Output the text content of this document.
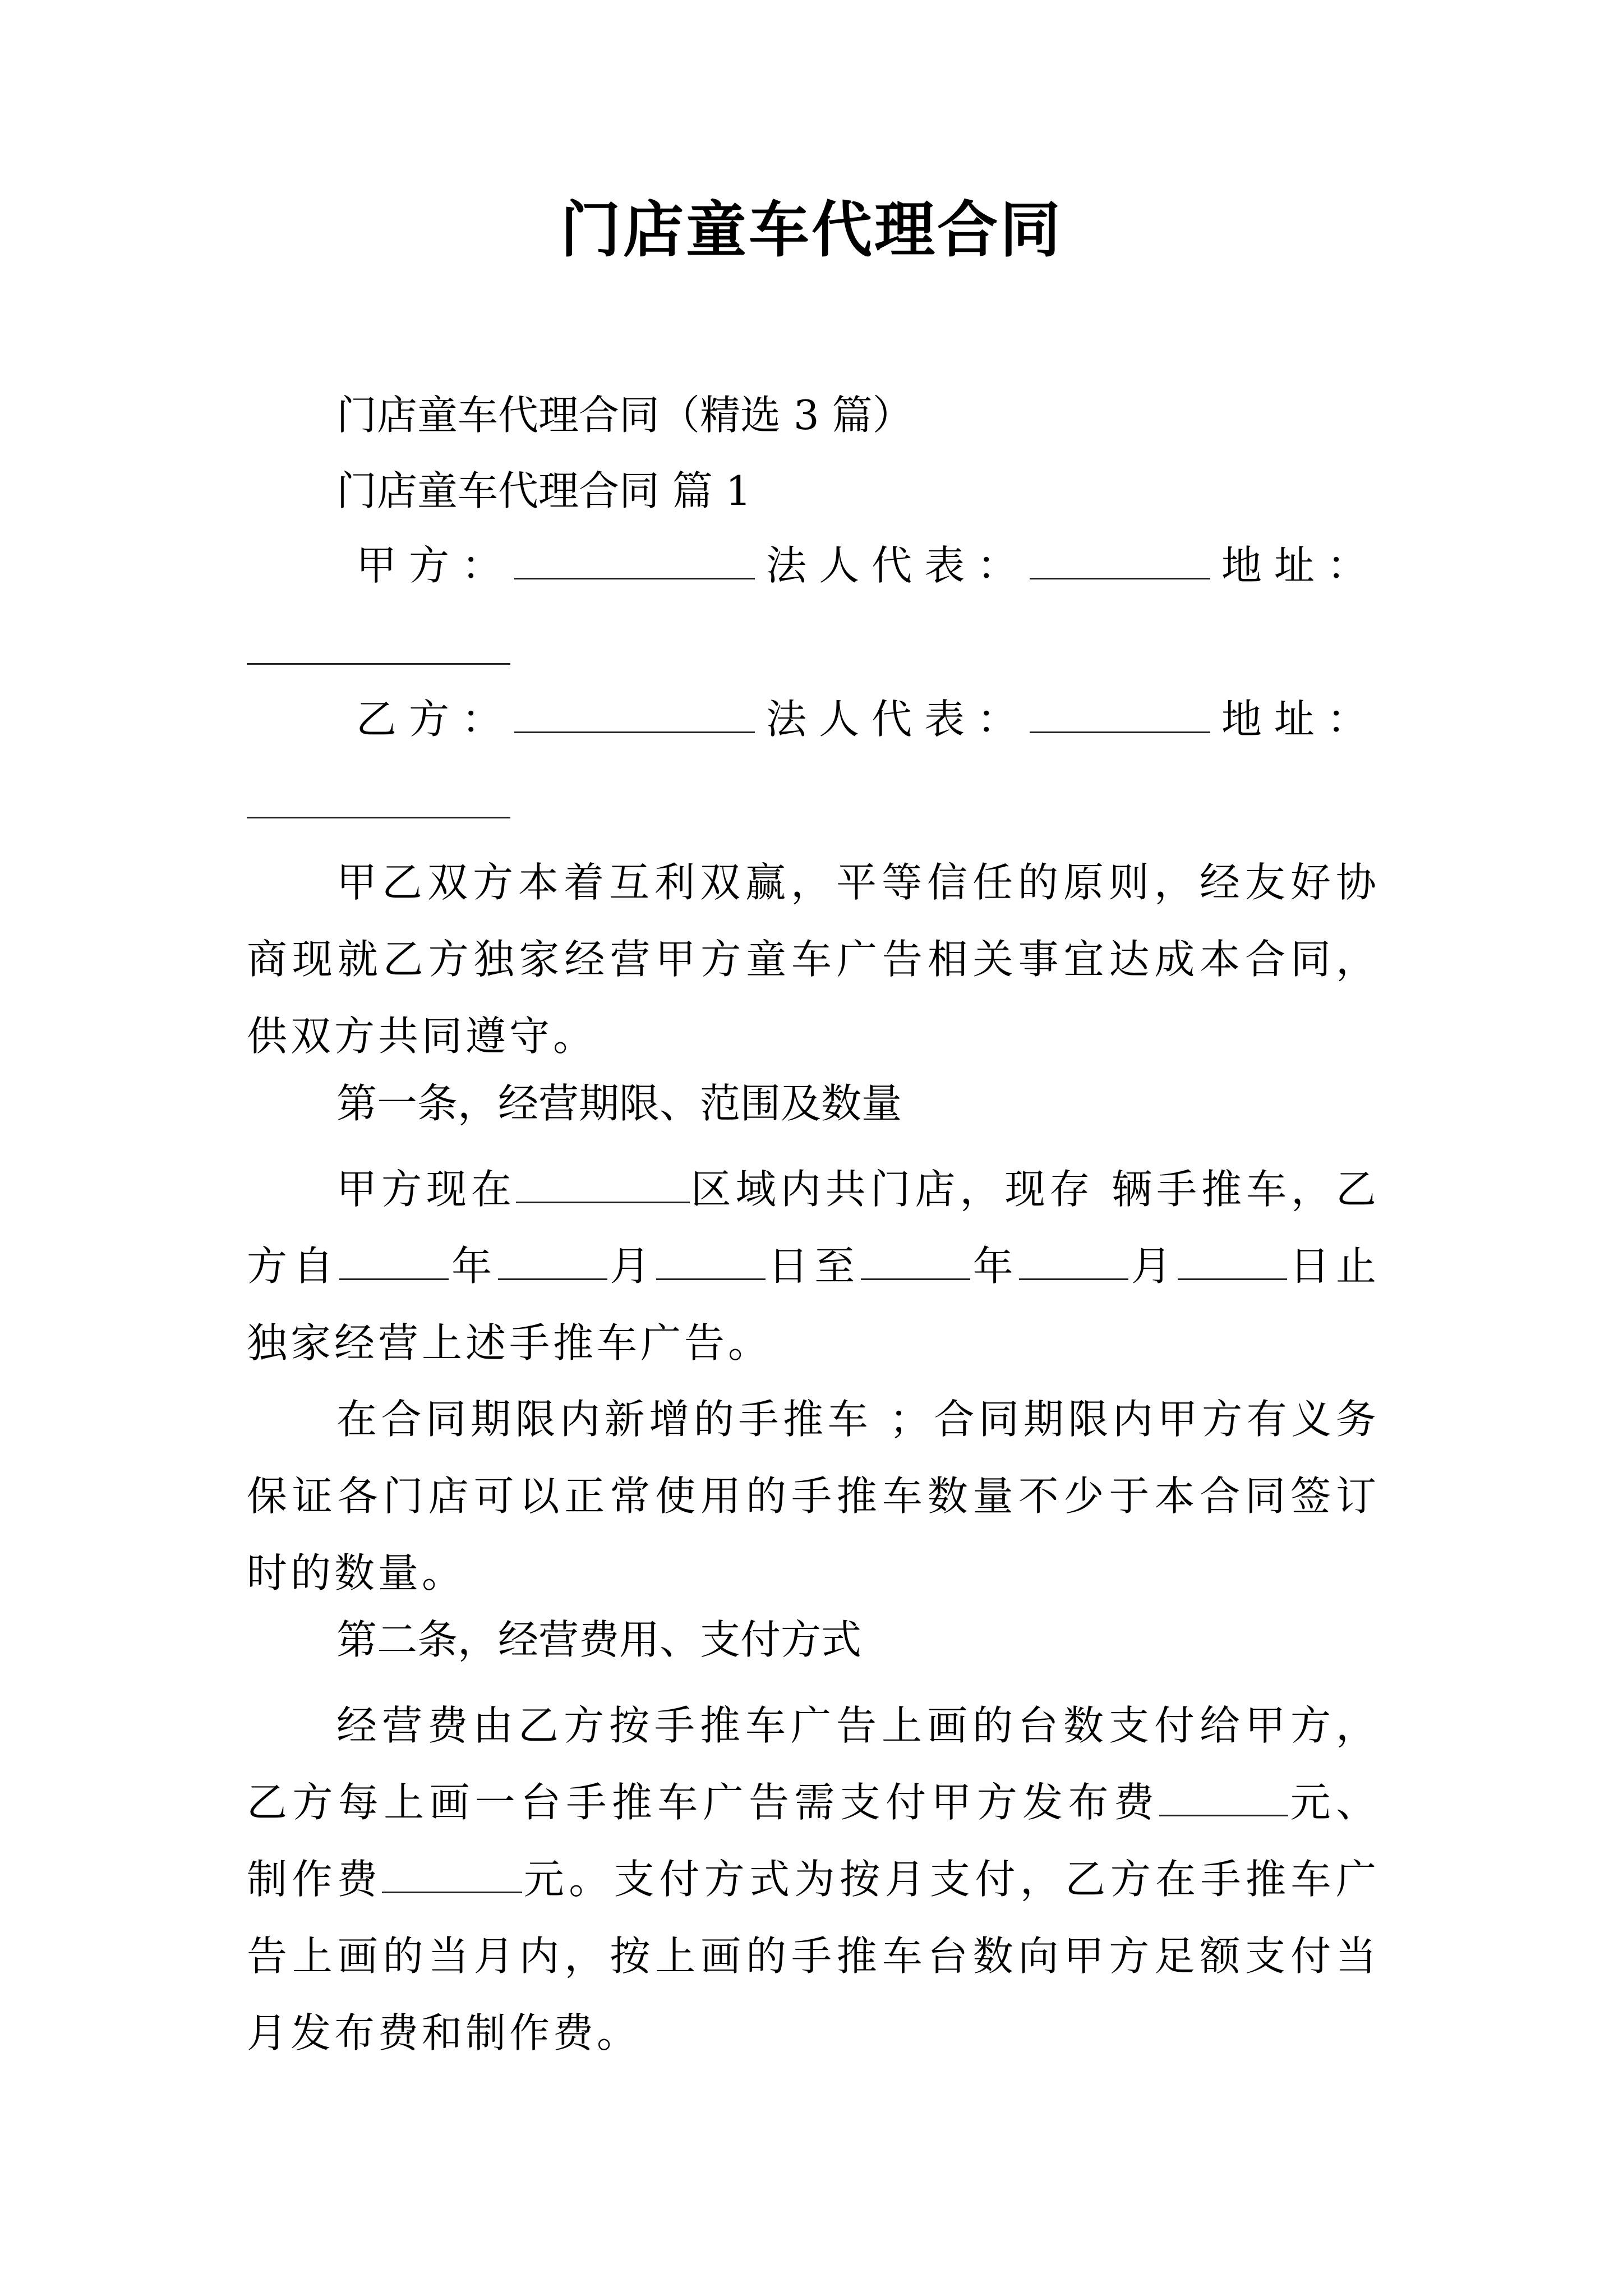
门店童车代理合同
门店童车代理合同（精选 3 篇）
门店童车代理合同 篇 1
甲方：	法人代表：	地址：
乙方：	法人代表：	地址：
甲乙双方本着互利双赢，平等信任的原则，经友好协商现就乙方独家经营甲方童车广告相关事宜达成本合同，供双方共同遵守。
第一条，经营期限、范围及数量
甲方现在	区域内共门店，现存 辆手推车，乙方自	年	月	日至	年	月	日止独家经营上述手推车广告。
在合同期限内新增的手推车 ；合同期限内甲方有义务保证各门店可以正常使用的手推车数量不少于本合同签订时的数量。
第二条，经营费用、支付方式
经营费由乙方按手推车广告上画的台数支付给甲方，乙方每上画一台手推车广告需支付甲方发布费	元、制作费	元。支付方式为按月支付，乙方在手推车广告上画的当月内，按上画的手推车台数向甲方足额支付当月发布费和制作费。
